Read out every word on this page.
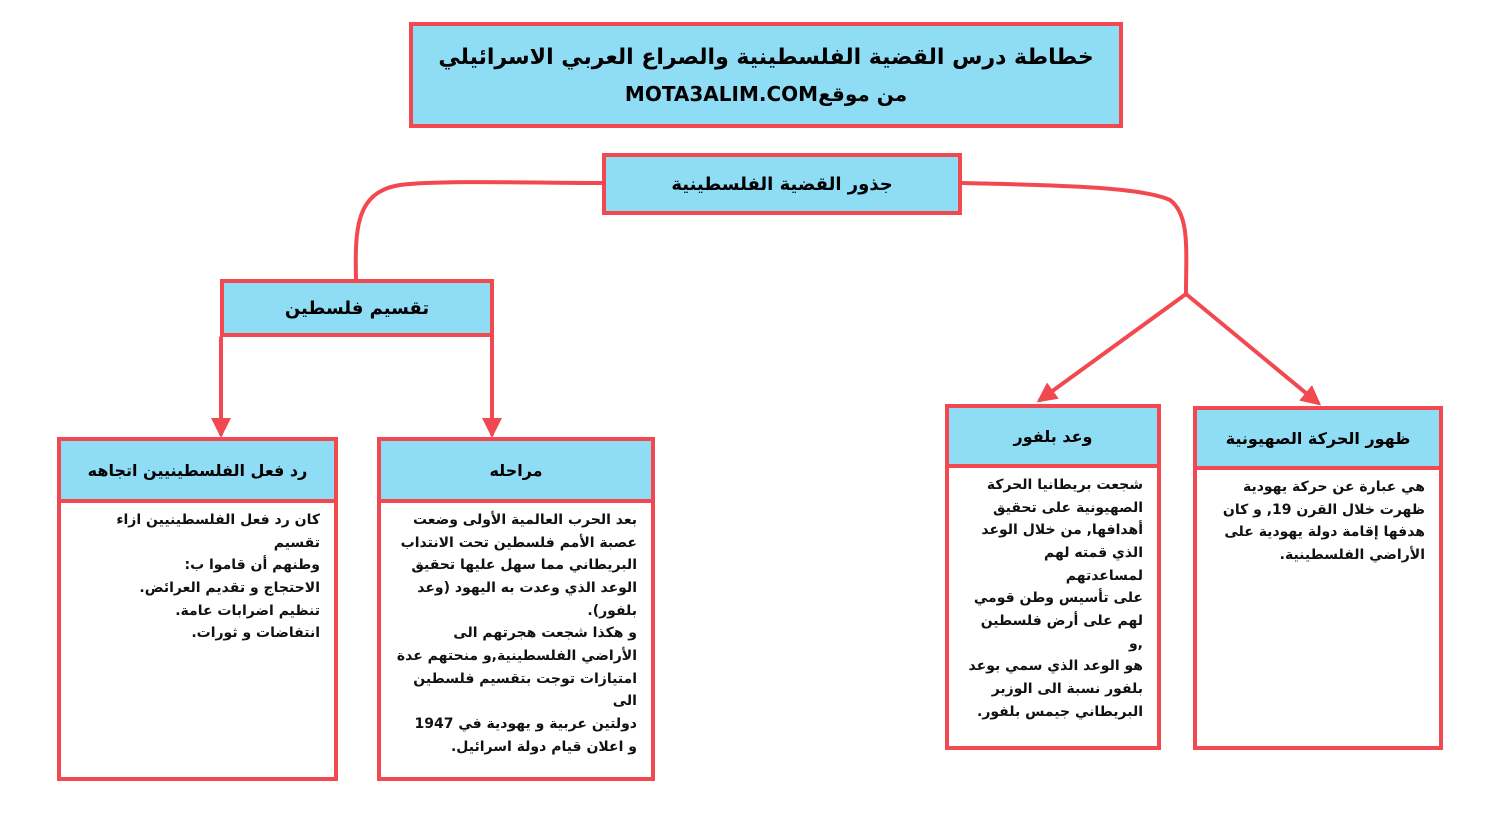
خطاطة درس القضية الفلسطينية والصراع العربي الاسرائيلي
من موقعMOTA3ALIM.COM
جذور القضية الفلسطينية
تقسيم فلسطين
رد فعل الفلسطينيين اتجاهه

كان رد فعل الفلسطينيين ازاء تقسيم

وطنهم أن قاموا ب:

الاحتجاج و تقديم العرائض.

تنظيم اضرابات عامة.

انتفاضات و ثورات.

مراحله

بعد الحرب العالمية الأولى وضعت

عصبة الأمم فلسطين تحت الانتداب

البريطاني مما سهل عليها تحقيق

الوعد الذي وعدت به اليهود (وعد

بلفور).

و هكذا شجعت هجرتهم الى

الأراضي الفلسطينية,و منحتهم عدة

امتيازات توجت بتقسيم فلسطين الى

دولتين عربية و يهودية في 1947

و اعلان قيام دولة اسرائيل.

وعد بلفور

شجعت بريطانيا الحركة

الصهيونية على تحقيق

أهدافها, من خلال الوعد

الذي قمته لهم لمساعدتهم

على تأسيس وطن قومي

لهم على أرض فلسطين ,و

هو الوعد الذي سمي بوعد

بلفور نسبة الى الوزير

البريطاني جيمس بلفور.

ظهور الحركة الصهيونية

هي عبارة عن حركة يهودية

ظهرت خلال القرن 19, و كان

هدفها إقامة دولة يهودية على

الأراضي الفلسطينية.
